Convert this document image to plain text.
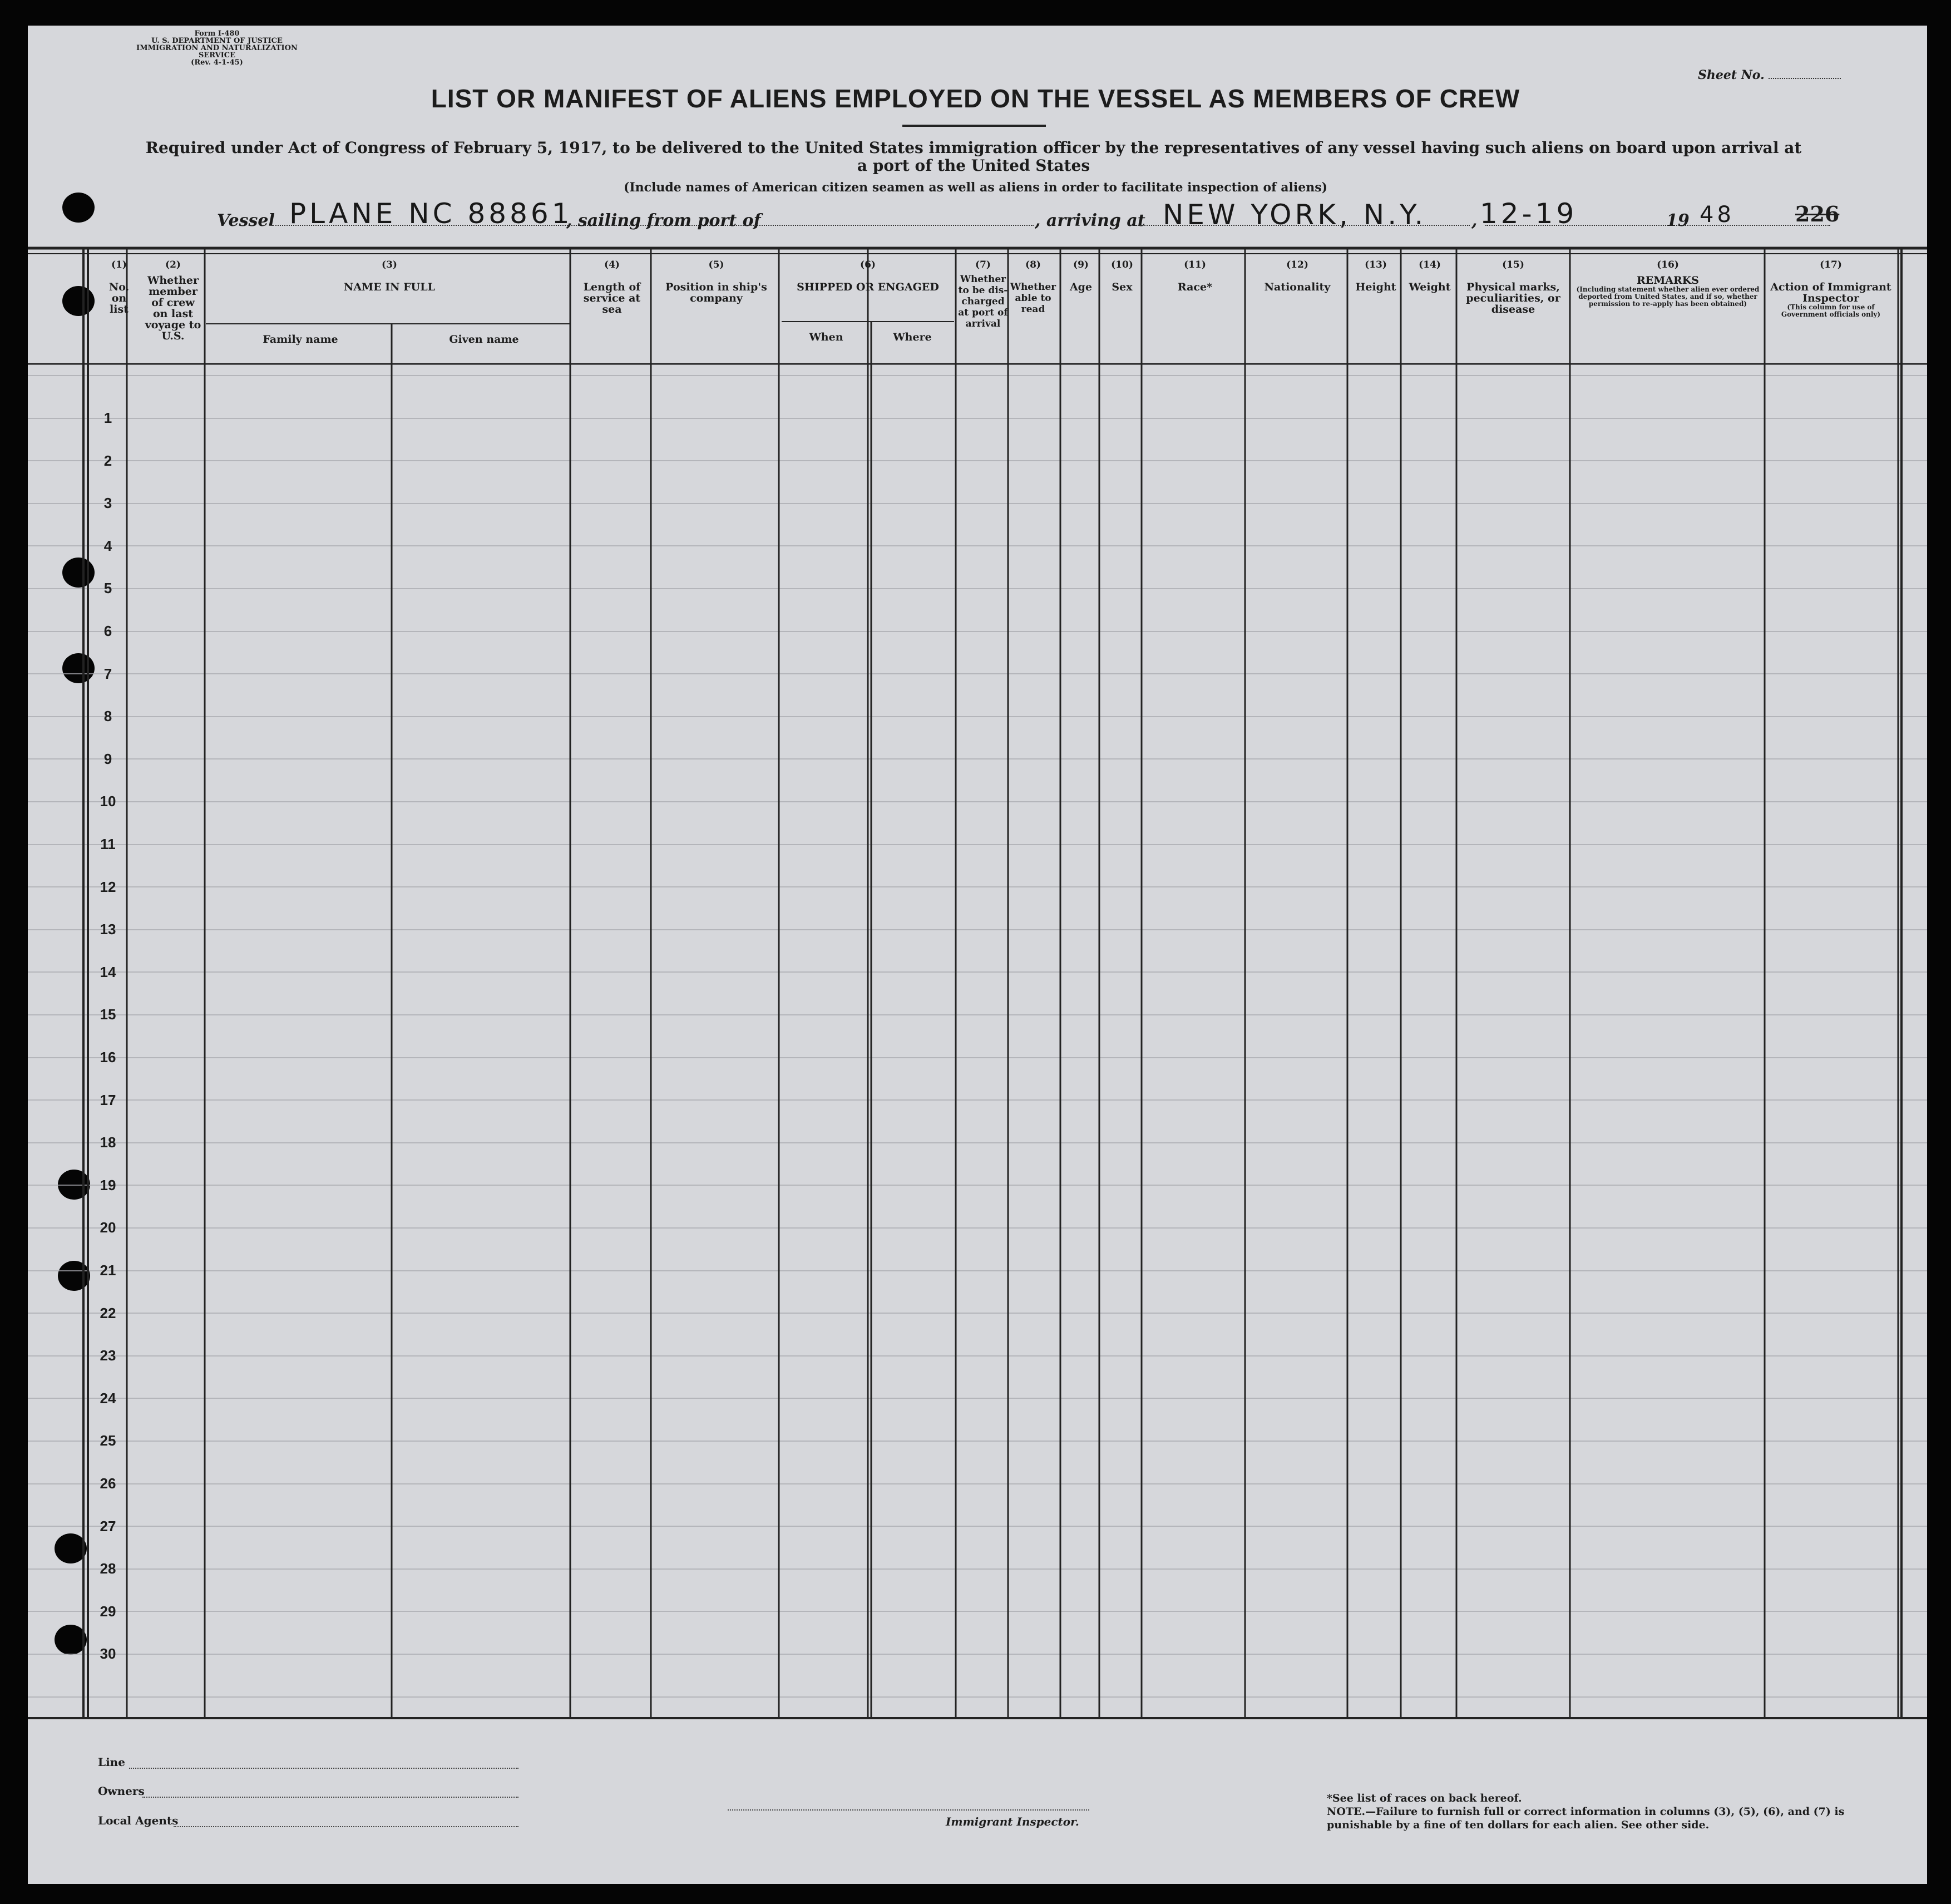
Form I-480
U. S. DEPARTMENT OF JUSTICE
IMMIGRATION AND NATURALIZATION SERVICE
(Rev. 4-1-45)
Sheet No.
LIST OR MANIFEST OF ALIENS EMPLOYED ON THE VESSEL AS MEMBERS OF CREW
Required under Act of Congress of February 5, 1917, to be delivered to the United States immigration officer by the representatives of any vessel having such aliens on board upon arrival at a port of the United States
(Include names of American citizen seamen as well as aliens in order to facilitate inspection of aliens)
Vessel PLANE NC 88861
, sailing from port of	, arriving at NEW YORK, N.Y.	, 12-19	19 48	226
(1)
No. on list
(2)
Whether member of crew on last voyage to U.S.
(3)
NAME IN FULL
Family name	Given name
(4)
Length of service at sea
(5)
Position in ship's company
(6)
SHIPPED OR ENGAGED
When	Where
(7)
Whether to be dis-charged at port of arrival
(8)
Whether able to read
(9)
Age
(10)
Sex
(11)
Race*
(12)
Nationality
(13)
Height
(14)
Weight
(15)
Physical marks, peculiarities, or disease
(16)
REMARKS
(Including statement whether alien ever ordered deported from United States, and if so, whether permission to re-apply has been obtained)
(17)
Action of Immigrant Inspector
(This column for use of Government officials only)
1
2
3
4
5
6
7
8
9
10
11
12
13
14
15
16
17
18
19
20
21
22
23
24
25
26
27
28
29
30
Line
Owners
Local Agents	Immigrant Inspector.
*See list of races on back hereof.
NOTE.—Failure to furnish full or correct information in columns (3), (5), (6), and (7) is punishable by a fine of ten dollars for each alien. See other side.
